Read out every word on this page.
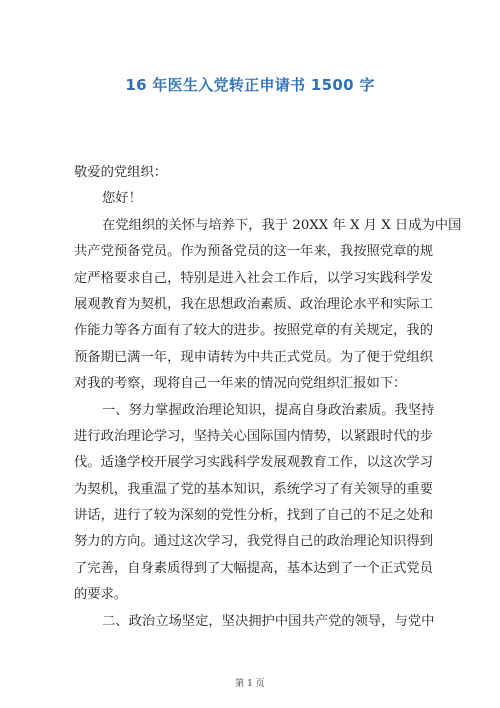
16 年医生入党转正申请书 1500 字
敬爱的党组织：
您好！
在党组织的关怀与培养下，我于 20XX 年 X 月 X 日成为中国
共产党预备党员。作为预备党员的这一年来，我按照党章的规
定严格要求自己，特别是进入社会工作后，以学习实践科学发
展观教育为契机，我在思想政治素质、政治理论水平和实际工
作能力等各方面有了较大的进步。按照党章的有关规定，我的
预备期已满一年，现申请转为中共正式党员。为了便于党组织
对我的考察，现将自己一年来的情况向党组织汇报如下：
一、努力掌握政治理论知识，提高自身政治素质。我坚持
进行政治理论学习，坚持关心国际国内情势，以紧跟时代的步
伐。适逢学校开展学习实践科学发展观教育工作，以这次学习
为契机，我重温了党的基本知识，系统学习了有关领导的重要
讲话，进行了较为深刻的党性分析，找到了自己的不足之处和
努力的方向。通过这次学习，我党得自己的政治理论知识得到
了完善，自身素质得到了大幅提高，基本达到了一个正式党员
的要求。
二、政治立场坚定，坚决拥护中国共产党的领导，与党中
第 1 页
